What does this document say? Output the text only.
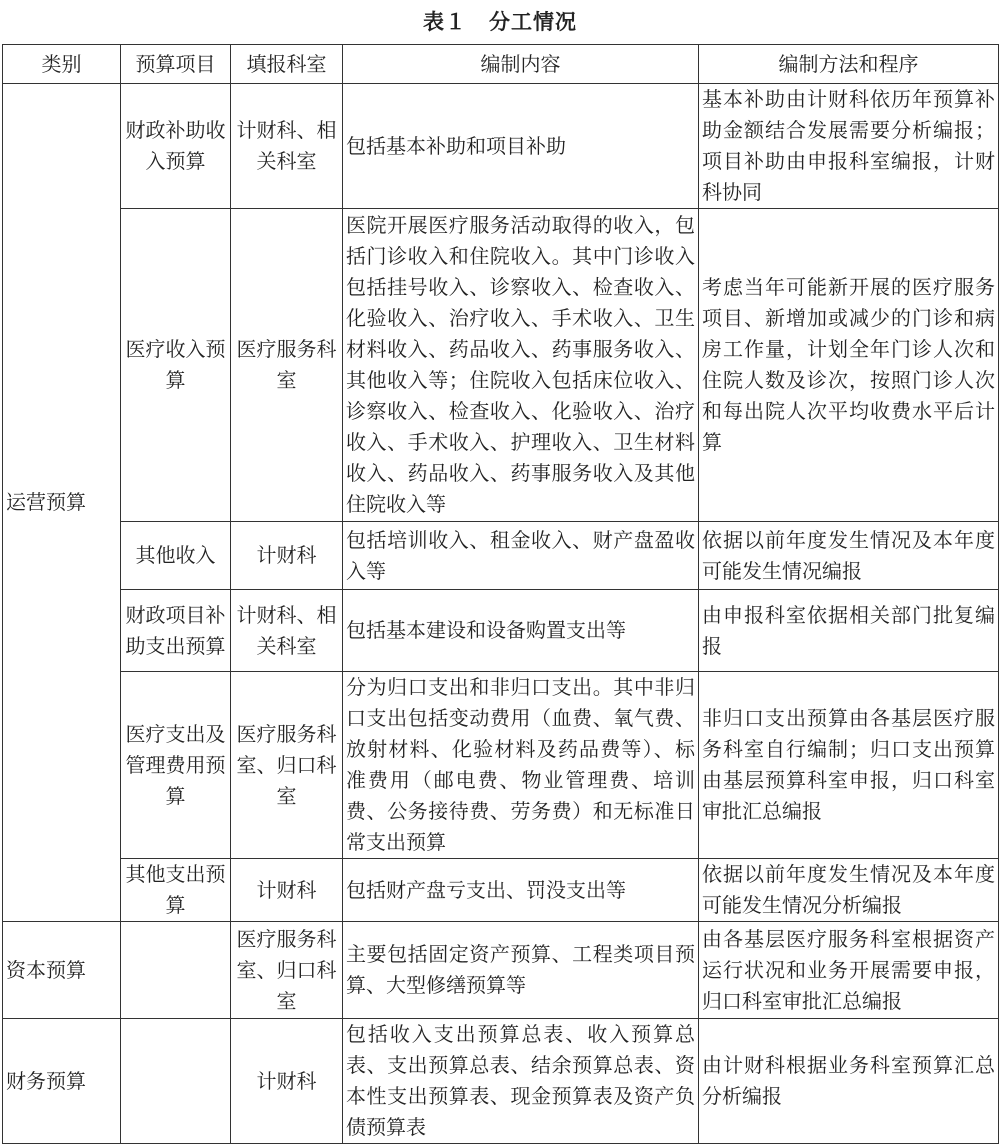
表１　分工情况
类别	预算项目	填报科室	编制内容	编制方法和程序
运营预算	财政补助收入预算	计财科、相关科室	包括基本补助和项目补助	基本补助由计财科依历年预算补助金额结合发展需要分析编报；项目补助由申报科室编报，计财科协同
	医疗收入预算	医疗服务科室	医院开展医疗服务活动取得的收入，包括门诊收入和住院收入。其中门诊收入包括挂号收入、诊察收入、检查收入、化验收入、治疗收入、手术收入、卫生材料收入、药品收入、药事服务收入、其他收入等；住院收入包括床位收入、诊察收入、检查收入、化验收入、治疗收入、手术收入、护理收入、卫生材料收入、药品收入、药事服务收入及其他住院收入等	考虑当年可能新开展的医疗服务项目、新增加或减少的门诊和病房工作量，计划全年门诊人次和住院人数及诊次，按照门诊人次和每出院人次平均收费水平后计算
	其他收入	计财科	包括培训收入、租金收入、财产盘盈收入等	依据以前年度发生情况及本年度可能发生情况编报
	财政项目补助支出预算	计财科、相关科室	包括基本建设和设备购置支出等	由申报科室依据相关部门批复编报
	医疗支出及管理费用预算	医疗服务科室、归口科室	分为归口支出和非归口支出。其中非归口支出包括变动费用（血费、氧气费、放射材料、化验材料及药品费等）、标准费用（邮电费、物业管理费、培训费、公务接待费、劳务费）和无标准日常支出预算	非归口支出预算由各基层医疗服务科室自行编制；归口支出预算由基层预算科室申报，归口科室审批汇总编报
	其他支出预算	计财科	包括财产盘亏支出、罚没支出等	依据以前年度发生情况及本年度可能发生情况分析编报
资本预算		医疗服务科室、归口科室	主要包括固定资产预算、工程类项目预算、大型修缮预算等	由各基层医疗服务科室根据资产运行状况和业务开展需要申报，归口科室审批汇总编报
财务预算		计财科	包括收入支出预算总表、收入预算总表、支出预算总表、结余预算总表、资本性支出预算表、现金预算表及资产负债预算表	由计财科根据业务科室预算汇总分析编报
